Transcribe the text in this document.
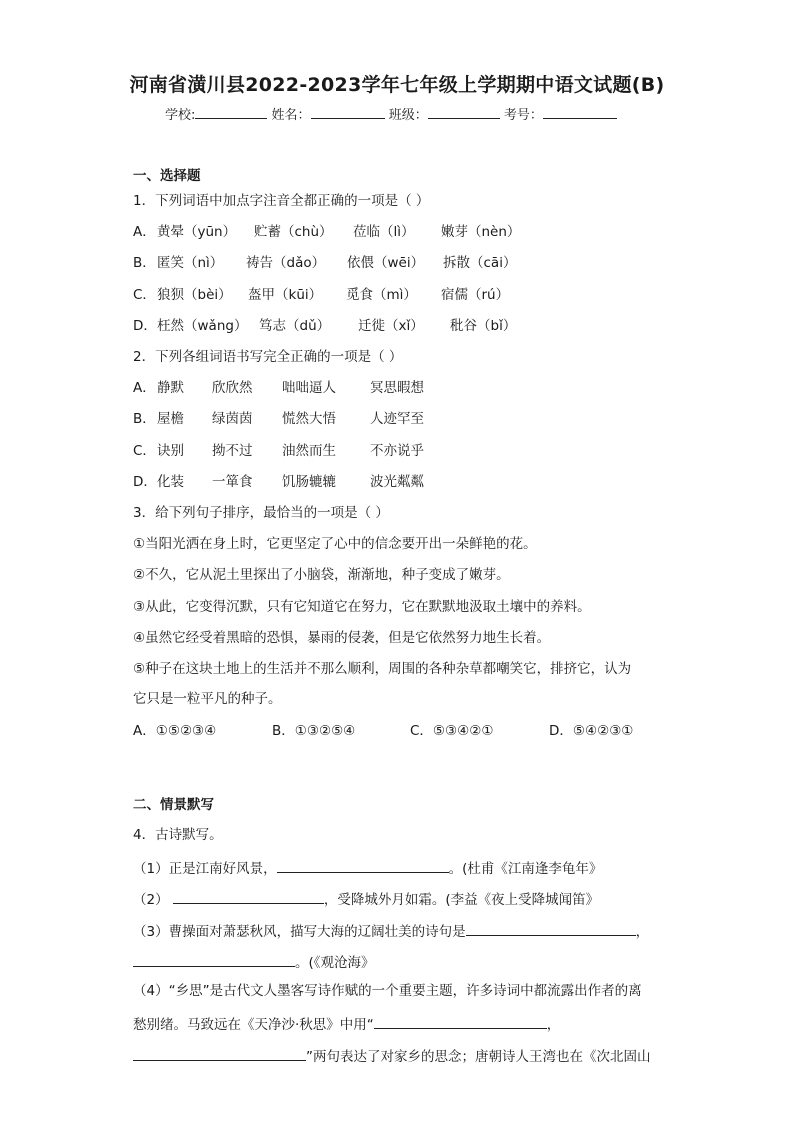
河南省潢川县2022-2023学年七年级上学期期中语文试题(B)
学校:	姓名：	班级：	考号：
一、选择题
1．下列词语中加点字注音全都正确的一项是（ ）
A． 黄晕（yūn） 贮蓄（chù） 莅临（lì） 嫩芽（nèn）
B． 匿笑（nì） 祷告（dǎo） 依偎（wēi） 拆散（cāi）
C． 狼狈（bèi） 盔甲（kūi） 觅食（mì） 宿儒（rú）
D． 枉然（wǎng） 笃志（dǔ） 迁徙（xǐ） 秕谷（bǐ）
2．下列各组词语书写完全正确的一项是（ ）
A． 静默 欣欣然 咄咄逼人	冥思暇想
B． 屋檐 绿茵茵 慌然大悟	人迹罕至
C． 诀别 拗不过 油然而生	不亦说乎
D． 化装 一箪食 饥肠辘辘	波光粼粼
3．给下列句子排序，最恰当的一项是（ ）
①当阳光洒在身上时，它更坚定了心中的信念要开出一朵鲜艳的花。
②不久，它从泥土里探出了小脑袋，渐渐地，种子变成了嫩芽。
③从此，它变得沉默，只有它知道它在努力，它在默默地汲取土壤中的养料。
④虽然它经受着黑暗的恐惧，暴雨的侵袭，但是它依然努力地生长着。
⑤种子在这块土地上的生活并不那么顺利，周围的各种杂草都嘲笑它，排挤它，认为
它只是一粒平凡的种子。
A．①⑤②③④	B．①③②⑤④	C．⑤③④②①	D．⑤④②③①
二、情景默写
4．古诗默写。
（1）正是江南好风景，	。(杜甫《江南逢李龟年》
（2）	，受降城外月如霜。(李益《夜上受降城闻笛》
（3）曹操面对萧瑟秋风，描写大海的辽阔壮美的诗句是	，
。(《观沧海》
（4）“乡思”是古代文人墨客写诗作赋的一个重要主题，许多诗词中都流露出作者的离
愁别绪。马致远在《天净沙·秋思》中用“	，
”两句表达了对家乡的思念；唐朝诗人王湾也在《次北固山
